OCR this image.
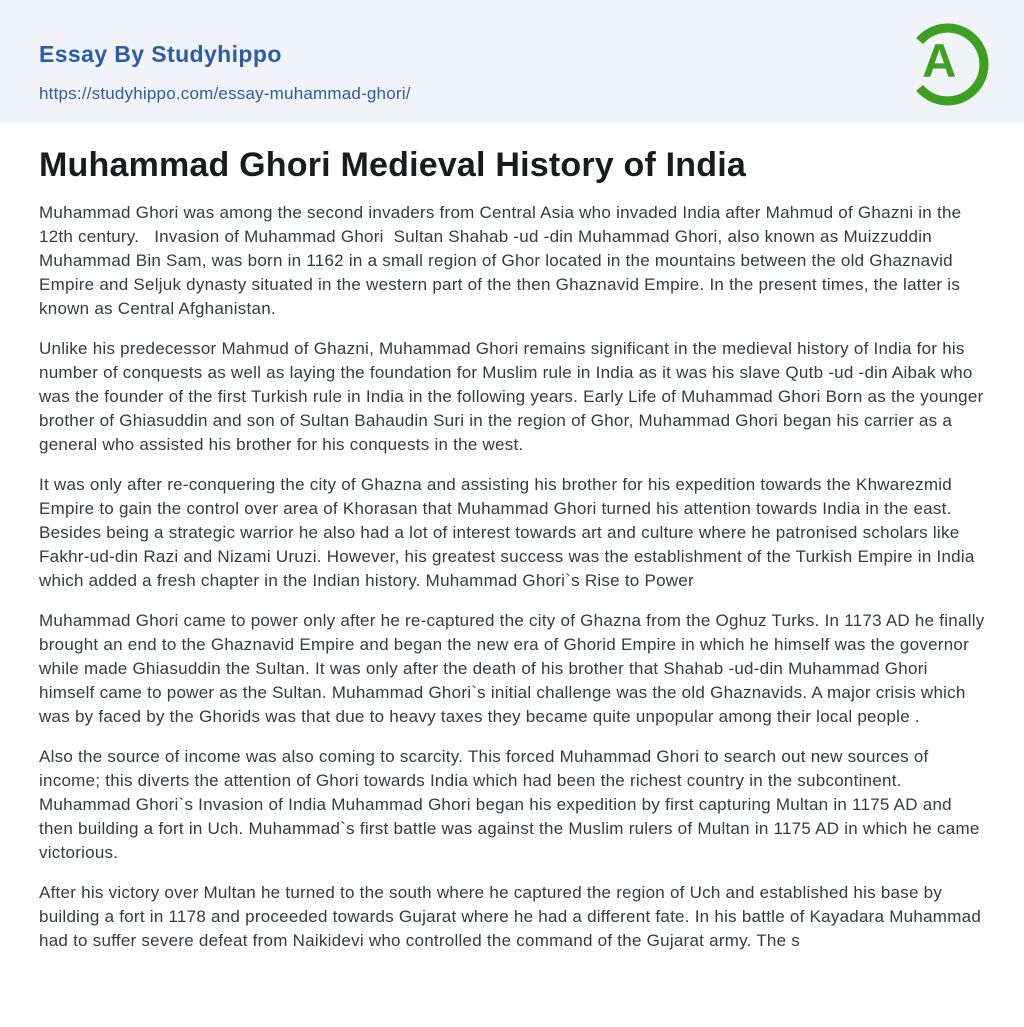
Essay By Studyhippo
https://studyhippo.com/essay-muhammad-ghori/
A
Muhammad Ghori Medieval History of India

Muhammad Ghori was among the second invaders from Central Asia who invaded India after Mahmud of Ghazni in the 12th century.   Invasion of Muhammad Ghori  Sultan Shahab -ud -din Muhammad Ghori, also known as Muizzuddin Muhammad Bin Sam, was born in 1162 in a small region of Ghor located in the mountains between the old Ghaznavid Empire and Seljuk dynasty situated in the western part of the then Ghaznavid Empire. In the present times, the latter is known as Central Afghanistan.

Unlike his predecessor Mahmud of Ghazni, Muhammad Ghori remains significant in the medieval history of India for his number of conquests as well as laying the foundation for Muslim rule in India as it was his slave Qutb -ud -din Aibak who was the founder of the first Turkish rule in India in the following years. Early Life of Muhammad Ghori Born as the younger brother of Ghiasuddin and son of Sultan Bahaudin Suri in the region of Ghor, Muhammad Ghori began his carrier as a general who assisted his brother for his conquests in the west.

It was only after re-conquering the city of Ghazna and assisting his brother for his expedition towards the Khwarezmid Empire to gain the control over area of Khorasan that Muhammad Ghori turned his attention towards India in the east. Besides being a strategic warrior he also had a lot of interest towards art and culture where he patronised scholars like Fakhr-ud-din Razi and Nizami Uruzi. However, his greatest success was the establishment of the Turkish Empire in India which added a fresh chapter in the Indian history. Muhammad Ghori`s Rise to Power

Muhammad Ghori came to power only after he re-captured the city of Ghazna from the Oghuz Turks. In 1173 AD he finally brought an end to the Ghaznavid Empire and began the new era of Ghorid Empire in which he himself was the governor while made Ghiasuddin the Sultan. It was only after the death of his brother that Shahab -ud-din Muhammad Ghori himself came to power as the Sultan. Muhammad Ghori`s initial challenge was the old Ghaznavids. A major crisis which was by faced by the Ghorids was that due to heavy taxes they became quite unpopular among their local people .

Also the source of income was also coming to scarcity. This forced Muhammad Ghori to search out new sources of income; this diverts the attention of Ghori towards India which had been the richest country in the subcontinent. Muhammad Ghori`s Invasion of India Muhammad Ghori began his expedition by first capturing Multan in 1175 AD and then building a fort in Uch. Muhammad`s first battle was against the Muslim rulers of Multan in 1175 AD in which he came victorious.

After his victory over Multan he turned to the south where he captured the region of Uch and established his base by building a fort in 1178 and proceeded towards Gujarat where he had a different fate. In his battle of Kayadara Muhammad had to suffer severe defeat from Naikidevi who controlled the command of the Gujarat army. The s
